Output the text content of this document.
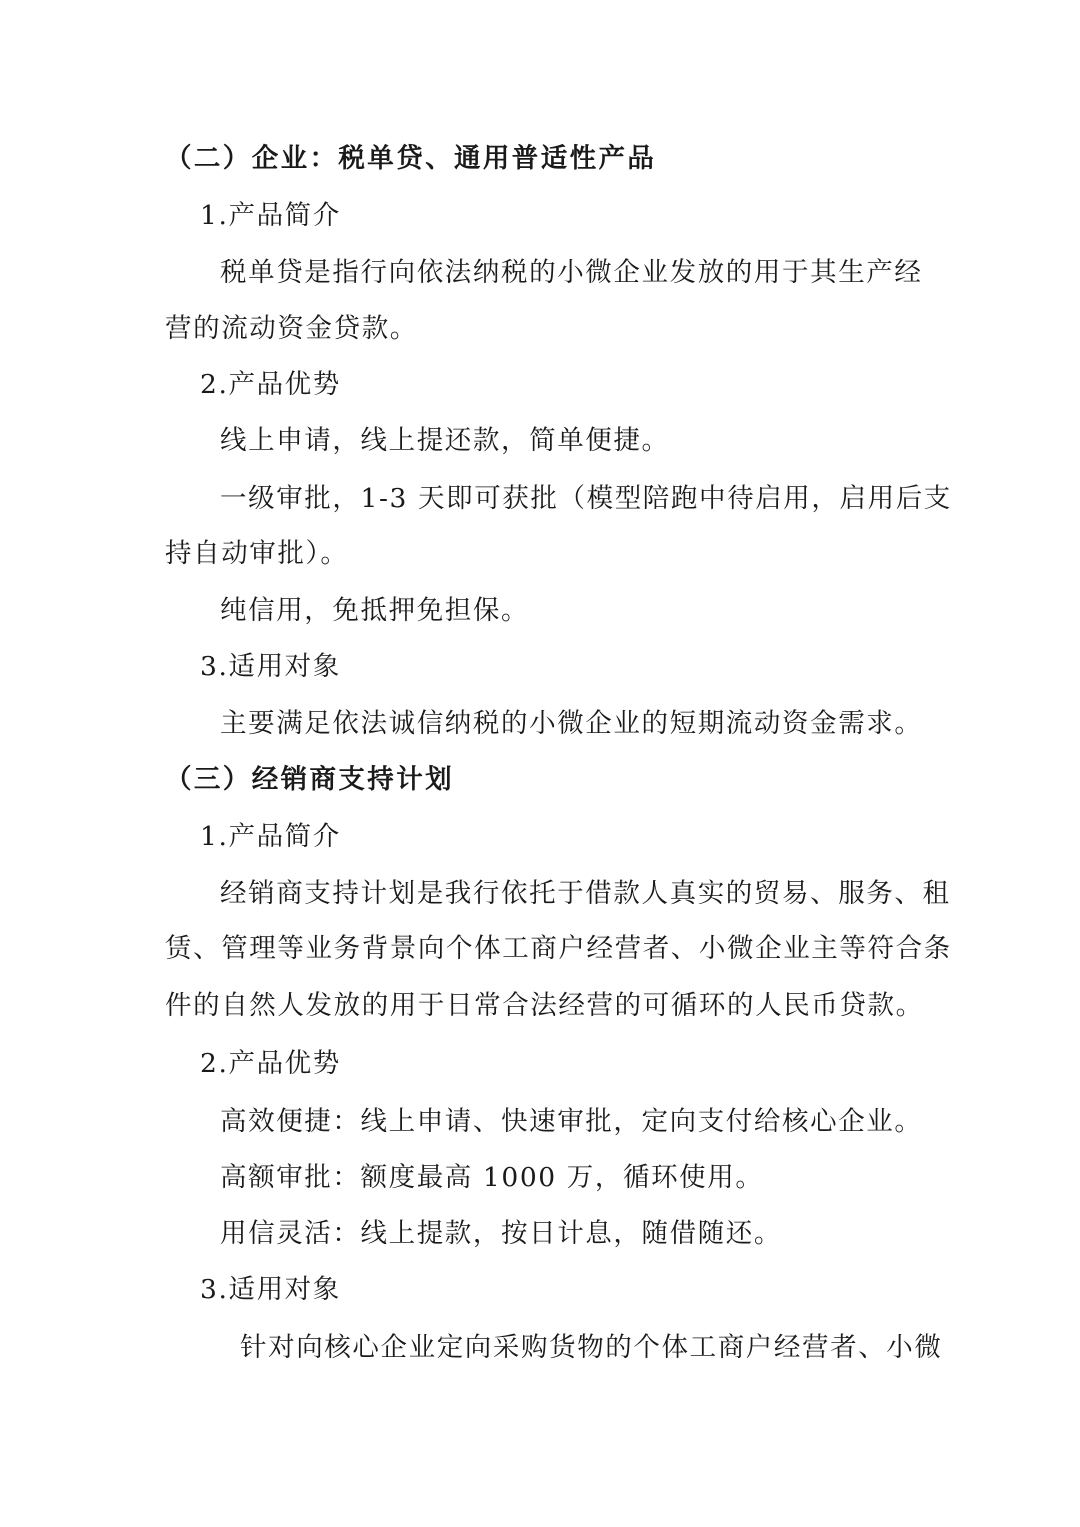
（二）企业：税单贷、通用普适性产品
1.产品简介
税单贷是指行向依法纳税的小微企业发放的用于其生产经
营的流动资金贷款。
2.产品优势
线上申请，线上提还款，简单便捷。
一级审批，1-3 天即可获批（模型陪跑中待启用，启用后支
持自动审批）。
纯信用，免抵押免担保。
3.适用对象
主要满足依法诚信纳税的小微企业的短期流动资金需求。
（三）经销商支持计划
1.产品简介
经销商支持计划是我行依托于借款人真实的贸易、服务、租
赁、管理等业务背景向个体工商户经营者、小微企业主等符合条
件的自然人发放的用于日常合法经营的可循环的人民币贷款。
2.产品优势
高效便捷：线上申请、快速审批，定向支付给核心企业。
高额审批：额度最高 1000 万，循环使用。
用信灵活：线上提款，按日计息，随借随还。
3.适用对象
针对向核心企业定向采购货物的个体工商户经营者、小微
